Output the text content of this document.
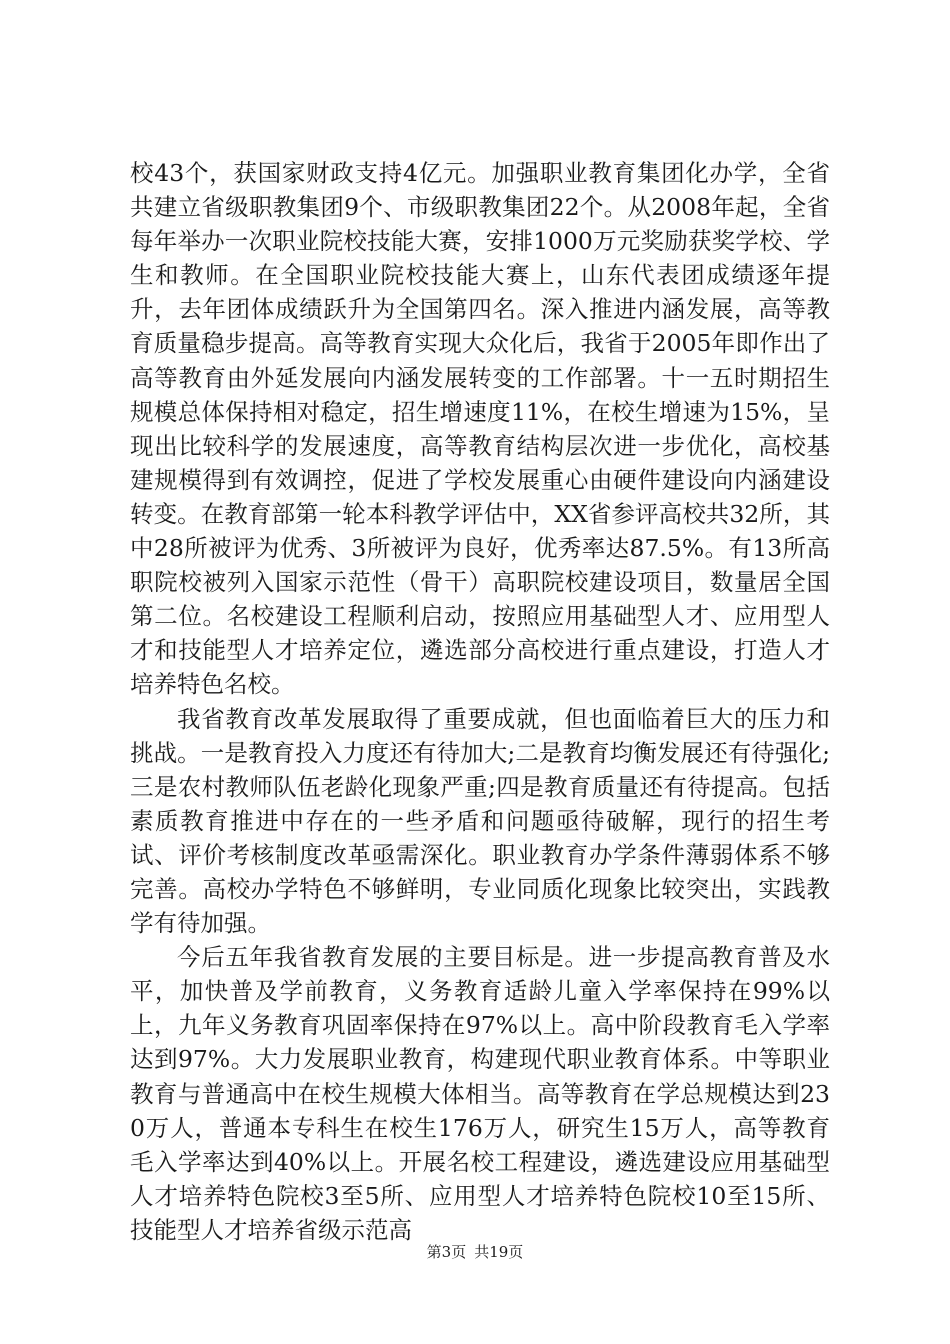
校43个，获国家财政支持4亿元。加强职业教育集团化办学，全省共建立省级职教集团9个、市级职教集团22个。从2008年起，全省每年举办一次职业院校技能大赛，安排1000万元奖励获奖学校、学生和教师。在全国职业院校技能大赛上，山东代表团成绩逐年提升，去年团体成绩跃升为全国第四名。深入推进内涵发展，高等教育质量稳步提高。高等教育实现大众化后，我省于2005年即作出了高等教育由外延发展向内涵发展转变的工作部署。十一五时期招生规模总体保持相对稳定，招生增速度11%，在校生增速为15%，呈现出比较科学的发展速度，高等教育结构层次进一步优化，高校基建规模得到有效调控，促进了学校发展重心由硬件建设向内涵建设转变。在教育部第一轮本科教学评估中，XX省参评高校共32所，其中28所被评为优秀、3所被评为良好，优秀率达87.5%。有13所高职院校被列入国家示范性（骨干）高职院校建设项目，数量居全国第二位。名校建设工程顺利启动，按照应用基础型人才、应用型人才和技能型人才培养定位，遴选部分高校进行重点建设，打造人才培养特色名校。

我省教育改革发展取得了重要成就，但也面临着巨大的压力和挑战。一是教育投入力度还有待加大;二是教育均衡发展还有待强化;三是农村教师队伍老龄化现象严重;四是教育质量还有待提高。包括素质教育推进中存在的一些矛盾和问题亟待破解，现行的招生考试、评价考核制度改革亟需深化。职业教育办学条件薄弱体系不够完善。高校办学特色不够鲜明，专业同质化现象比较突出，实践教学有待加强。

今后五年我省教育发展的主要目标是。进一步提高教育普及水平，加快普及学前教育，义务教育适龄儿童入学率保持在99%以上，九年义务教育巩固率保持在97%以上。高中阶段教育毛入学率达到97%。大力发展职业教育，构建现代职业教育体系。中等职业教育与普通高中在校生规模大体相当。高等教育在学总规模达到230万人，普通本专科生在校生176万人，研究生15万人，高等教育毛入学率达到40%以上。开展名校工程建设，遴选建设应用基础型人才培养特色院校3至5所、应用型人才培养特色院校10至15所、技能型人才培养省级示范高

第3页 共19页
